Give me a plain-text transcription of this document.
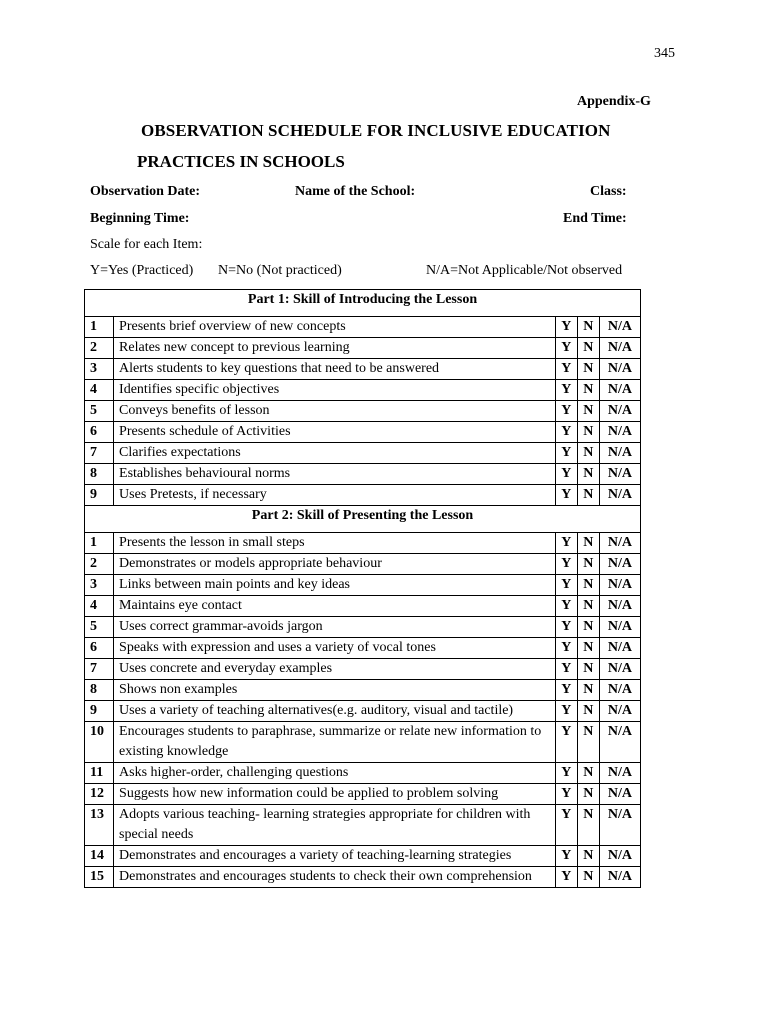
345
Appendix-G
OBSERVATION SCHEDULE FOR INCLUSIVE EDUCATION
PRACTICES IN SCHOOLS
Observation Date:	Name of the School:	Class:
Beginning Time:	End Time:
Scale for each Item:
Y=Yes (Practiced) N=No (Not practiced)	N/A=Not Applicable/Not observed
Part 1: Skill of Introducing the Lesson				
1	Presents brief overview of new concepts	Y	N	N/A
2	Relates new concept to previous learning	Y	N	N/A
3	Alerts students to key questions that need to be answered	Y	N	N/A
4	Identifies specific objectives	Y	N	N/A
5	Conveys benefits of lesson	Y	N	N/A
6	Presents schedule of Activities	Y	N	N/A
7	Clarifies expectations	Y	N	N/A
8	Establishes behavioural norms	Y	N	N/A
9	Uses Pretests, if necessary	Y	N	N/A
Part 2: Skill of Presenting the Lesson				
1	Presents the lesson in small steps	Y	N	N/A
2	Demonstrates or models appropriate behaviour	Y	N	N/A
3	Links between main points and key ideas	Y	N	N/A
4	Maintains eye contact	Y	N	N/A
5	Uses correct grammar-avoids jargon	Y	N	N/A
6	Speaks with expression and uses a variety of vocal tones	Y	N	N/A
7	Uses concrete and everyday examples	Y	N	N/A
8	Shows non examples	Y	N	N/A
9	Uses a variety of teaching alternatives(e.g. auditory, visual and tactile)	Y	N	N/A
10	Encourages students to paraphrase, summarize or relate new information to existing knowledge	Y	N	N/A
11	Asks higher-order, challenging questions	Y	N	N/A
12	Suggests how new information could be applied to problem solving	Y	N	N/A
13	Adopts various teaching- learning strategies appropriate for children with special needs	Y	N	N/A
14	Demonstrates and encourages a variety of teaching-learning strategies	Y	N	N/A
15	Demonstrates and encourages students to check their own comprehension	Y	N	N/A
